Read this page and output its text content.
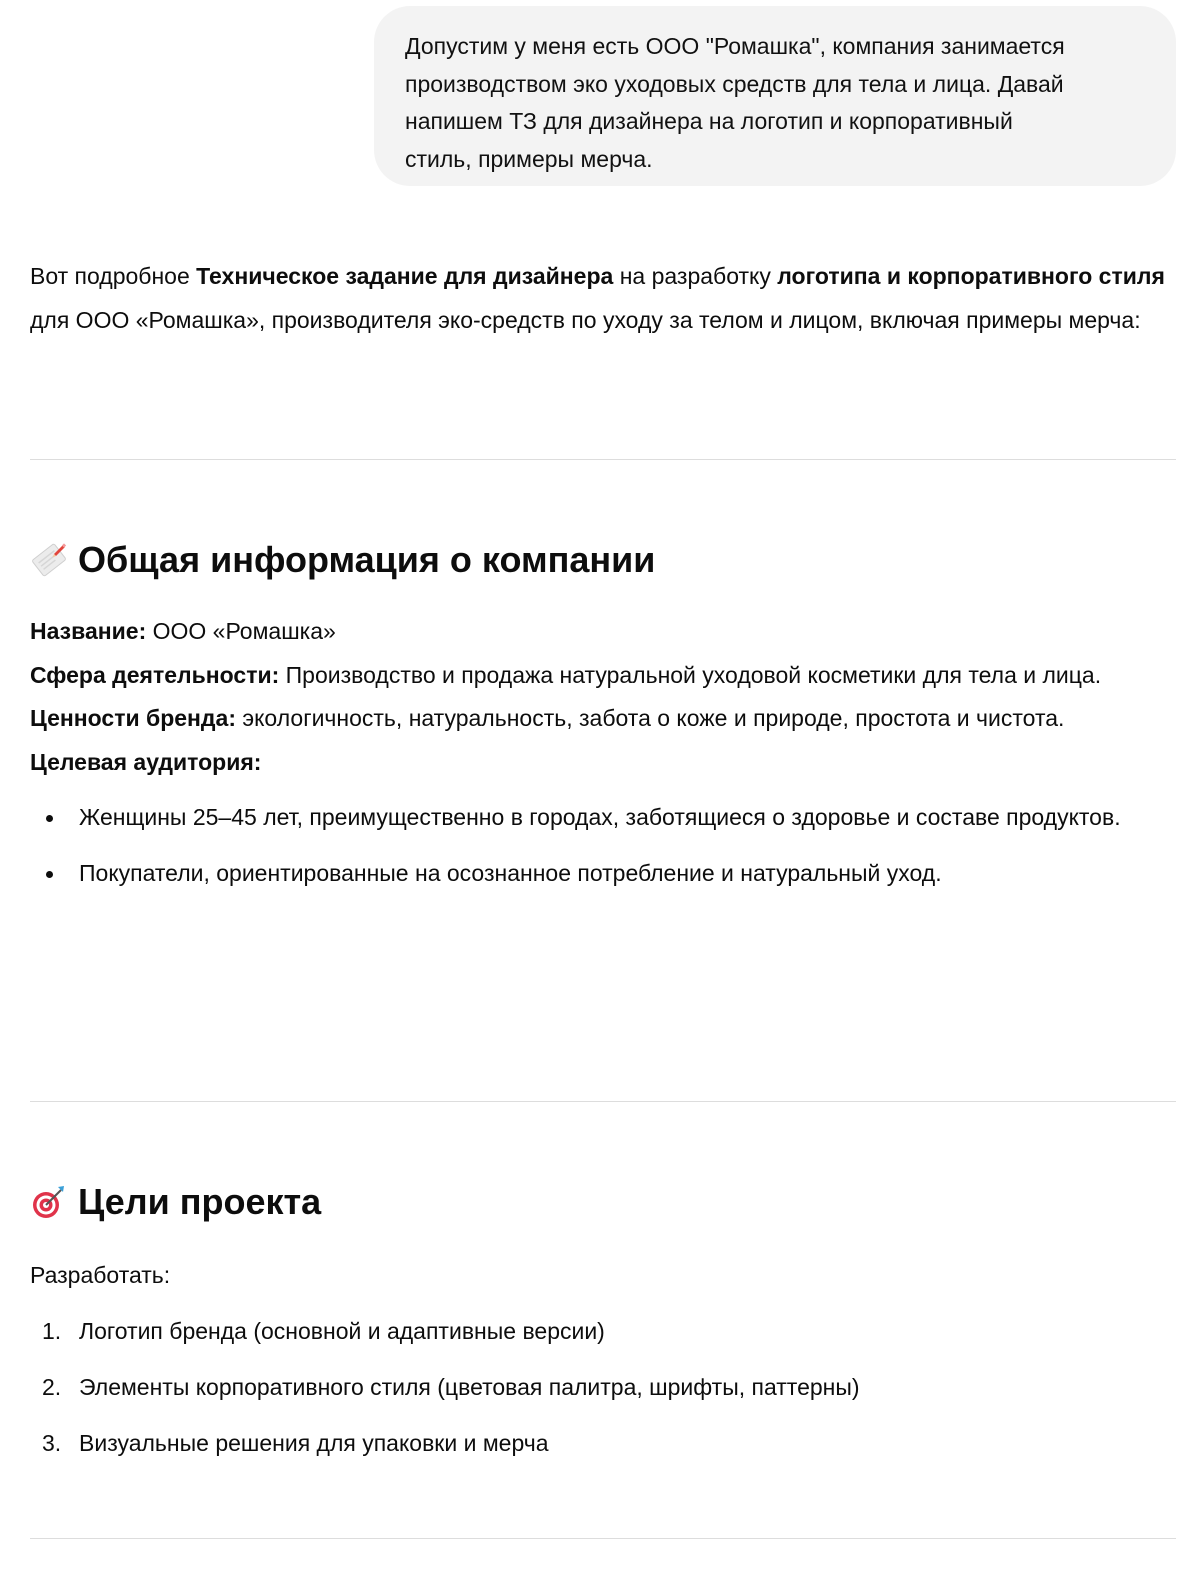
Допустим у меня есть ООО "Ромашка", компания занимается
производством эко уходовых средств для тела и лица. Давай
напишем ТЗ для дизайнера на логотип и корпоративный
стиль, примеры мерча.

Вот подробное Техническое задание для дизайнера на разработку логотипа и корпоративного стиля для ООО «Ромашка», производителя эко-средств по уходу за телом и лицом, включая примеры мерча:

Общая информация о компании

Название: ООО «Ромашка»

Сфера деятельности: Производство и продажа натуральной уходовой косметики для тела и лица.

Ценности бренда: экологичность, натуральность, забота о коже и природе, простота и чистота.

Целевая аудитория:

Женщины 25–45 лет, преимущественно в городах, заботящиеся о здоровье и составе продуктов.
Покупатели, ориентированные на осознанное потребление и натуральный уход.
Цели проекта

Разработать:

1. Логотип бренда (основной и адаптивные версии)
2. Элементы корпоративного стиля (цветовая палитра, шрифты, паттерны)
3. Визуальные решения для упаковки и мерча
